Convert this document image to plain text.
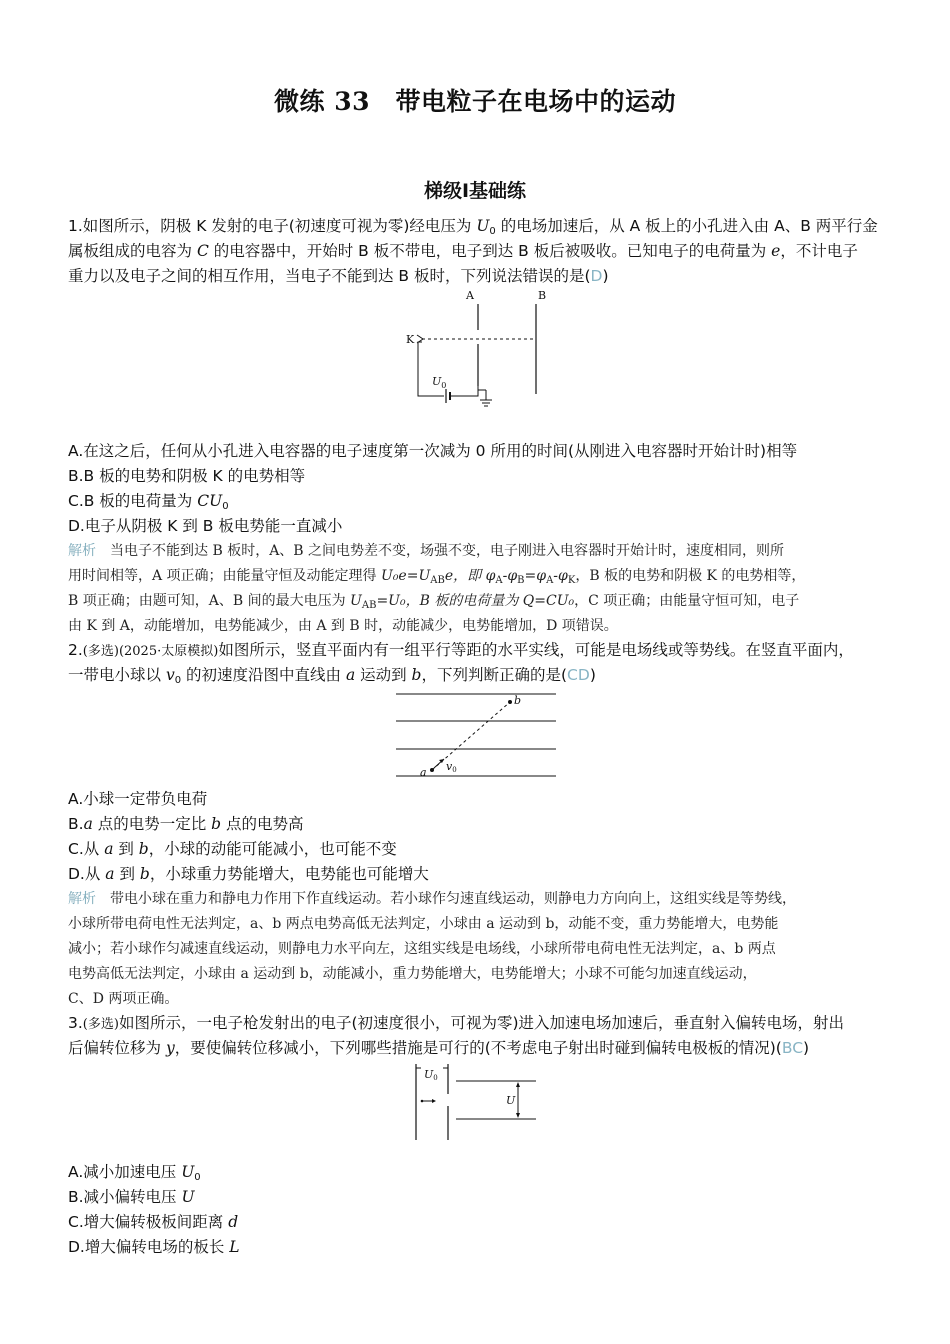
微练 33　带电粒子在电场中的运动
梯级Ⅰ基础练
1.如图所示，阴极 K 发射的电子(初速度可视为零)经电压为 $U_0$ 的电场加速后，从 A 板上的小孔进入由 A、B 两平行金
属板组成的电容为 C 的电容器中，开始时 B 板不带电，电子到达 B 板后被吸收。已知电子的电荷量为 e，不计电子
重力以及电子之间的相互作用，当电子不能到达 B 板时，下列说法错误的是(D)
A	B
K
$U_0$
A.在这之后，任何从小孔进入电容器的电子速度第一次减为 0 所用的时间(从刚进入电容器时开始计时)相等
B.B 板的电势和阴极 K 的电势相等
C.B 板的电荷量为 $CU_0$
D.电子从阴极 K 到 B 板电势能一直减小
解析　当电子不能到达 B 板时，A、B 之间电势差不变，场强不变，电子刚进入电容器时开始计时，速度相同，则所
用时间相等，A 项正确；由能量守恒及动能定理得 $U_0e=U_{AB}e$，即 $\varphi_A-\varphi_B=\varphi_A-\varphi_K$，B 板的电势和阴极 K 的电势相等，
B 项正确；由题可知，A、B 间的最大电压为 $U_{AB}=U_0$，B 板的电荷量为 Q=CU₀，C 项正确；由能量守恒可知，电子
由 K 到 A，动能增加，电势能减少，由 A 到 B 时，动能减少，电势能增加，D 项错误。
2.(多选)(2025·太原模拟)如图所示，竖直平面内有一组平行等距的水平实线，可能是电场线或等势线。在竖直平面内，
一带电小球以 $v_0$ 的初速度沿图中直线由 a 运动到 b，下列判断正确的是(CD)
a
b
v0
A.小球一定带负电荷
B.a 点的电势一定比 b 点的电势高
C.从 a 到 b，小球的动能可能减小，也可能不变
D.从 a 到 b，小球重力势能增大，电势能也可能增大
解析　带电小球在重力和静电力作用下作直线运动。若小球作匀速直线运动，则静电力方向向上，这组实线是等势线，
小球所带电荷电性无法判定，a、b 两点电势高低无法判定，小球由 a 运动到 b，动能不变，重力势能增大，电势能
减小；若小球作匀减速直线运动，则静电力水平向左，这组实线是电场线，小球所带电荷电性无法判定，a、b 两点
电势高低无法判定，小球由 a 运动到 b，动能减小，重力势能增大，电势能增大；小球不可能匀加速直线运动，
C、D 两项正确。
3.(多选)如图所示，一电子枪发射出的电子(初速度很小，可视为零)进入加速电场加速后，垂直射入偏转电场，射出
后偏转位移为 y，要使偏转位移减小，下列哪些措施是可行的(不考虑电子射出时碰到偏转电极板的情况)(BC)
U0
U
A.减小加速电压 $U_0$
B.减小偏转电压 U
C.增大偏转极板间距离 d
D.增大偏转电场的板长 L
